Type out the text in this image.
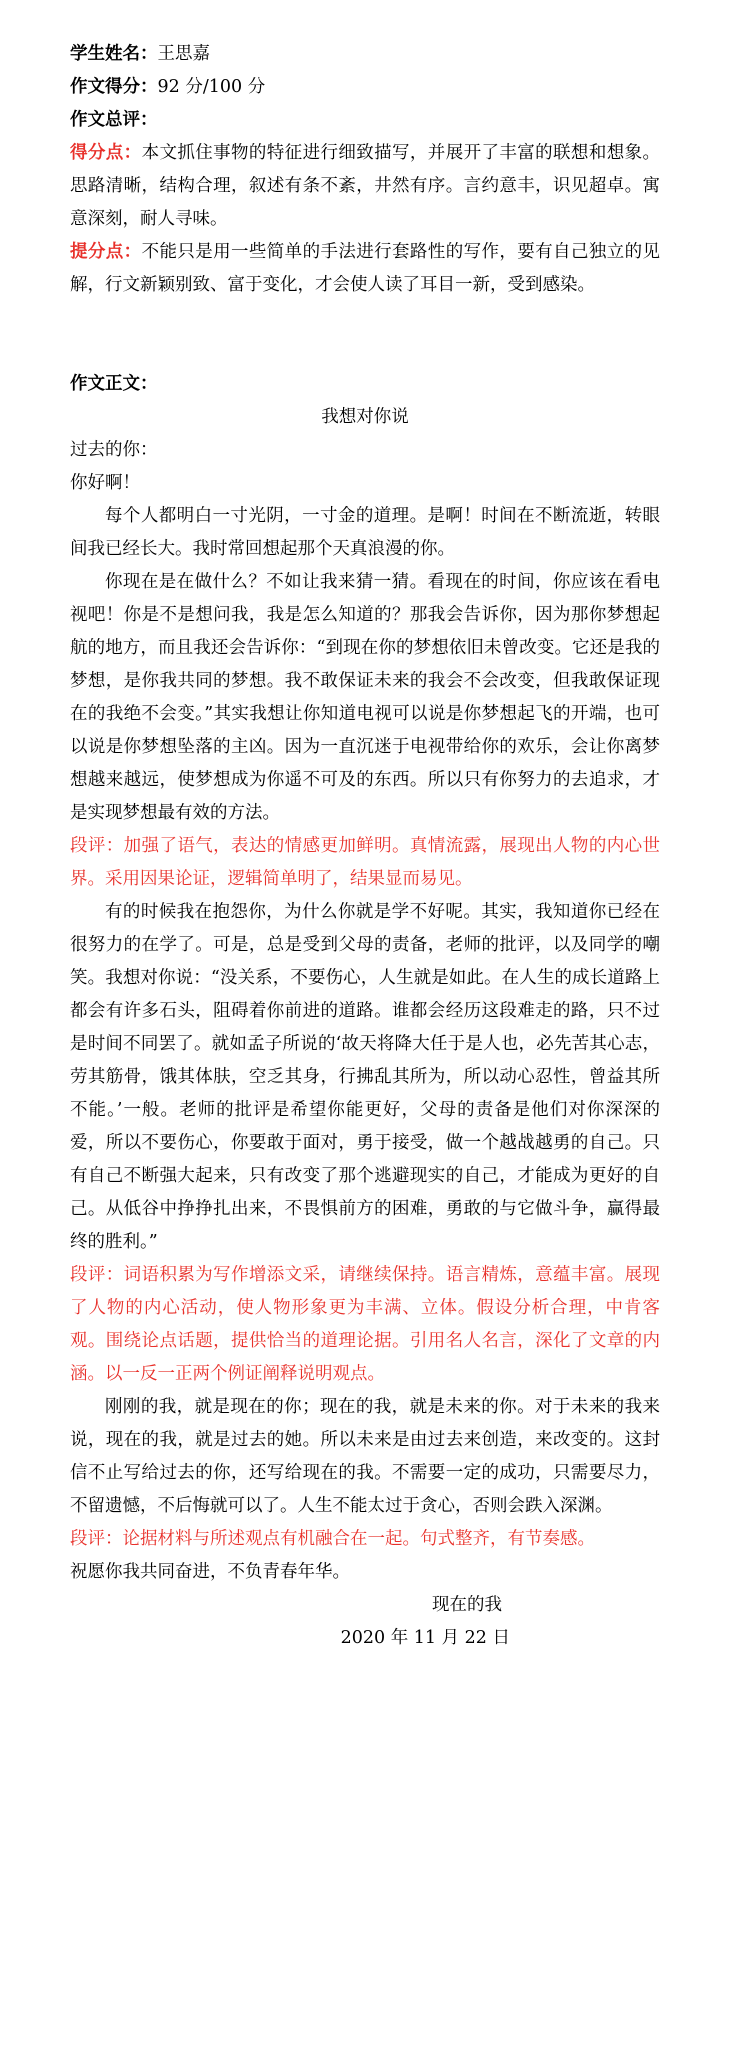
学生姓名：王思嘉

作文得分：92 分/100 分

作文总评：

得分点：本文抓住事物的特征进行细致描写，并展开了丰富的联想和想象。思路清晰，结构合理，叙述有条不紊，井然有序。言约意丰，识见超卓。寓意深刻，耐人寻味。

提分点：不能只是用一些简单的手法进行套路性的写作，要有自己独立的见解，行文新颖别致、富于变化，才会使人读了耳目一新，受到感染。

作文正文：

我想对你说

过去的你：

你好啊！

每个人都明白一寸光阴，一寸金的道理。是啊！时间在不断流逝，转眼间我已经长大。我时常回想起那个天真浪漫的你。

你现在是在做什么？不如让我来猜一猜。看现在的时间，你应该在看电视吧！你是不是想问我，我是怎么知道的？那我会告诉你，因为那你梦想起航的地方，而且我还会告诉你：“到现在你的梦想依旧未曾改变。它还是我的梦想，是你我共同的梦想。我不敢保证未来的我会不会改变，但我敢保证现在的我绝不会变。”其实我想让你知道电视可以说是你梦想起飞的开端，也可以说是你梦想坠落的主凶。因为一直沉迷于电视带给你的欢乐，会让你离梦想越来越远，使梦想成为你遥不可及的东西。所以只有你努力的去追求，才是实现梦想最有效的方法。

段评：加强了语气，表达的情感更加鲜明。真情流露，展现出人物的内心世界。采用因果论证，逻辑简单明了，结果显而易见。

有的时候我在抱怨你，为什么你就是学不好呢。其实，我知道你已经在很努力的在学了。可是，总是受到父母的责备，老师的批评，以及同学的嘲笑。我想对你说：“没关系，不要伤心，人生就是如此。在人生的成长道路上都会有许多石头，阻碍着你前进的道路。谁都会经历这段难走的路，只不过是时间不同罢了。就如孟子所说的‘故天将降大任于是人也，必先苦其心志，劳其筋骨，饿其体肤，空乏其身，行拂乱其所为，所以动心忍性，曾益其所不能。’一般。老师的批评是希望你能更好，父母的责备是他们对你深深的爱，所以不要伤心，你要敢于面对，勇于接受，做一个越战越勇的自己。只有自己不断强大起来，只有改变了那个逃避现实的自己，才能成为更好的自己。从低谷中挣挣扎出来，不畏惧前方的困难，勇敢的与它做斗争，赢得最终的胜利。”

段评：词语积累为写作增添文采，请继续保持。语言精炼，意蕴丰富。展现了人物的内心活动，使人物形象更为丰满、立体。假设分析合理，中肯客观。围绕论点话题，提供恰当的道理论据。引用名人名言，深化了文章的内涵。以一反一正两个例证阐释说明观点。

刚刚的我，就是现在的你；现在的我，就是未来的你。对于未来的我来说，现在的我，就是过去的她。所以未来是由过去来创造，来改变的。这封信不止写给过去的你，还写给现在的我。不需要一定的成功，只需要尽力，不留遗憾，不后悔就可以了。人生不能太过于贪心，否则会跌入深渊。

段评：论据材料与所述观点有机融合在一起。句式整齐，有节奏感。

祝愿你我共同奋进，不负青春年华。

现在的我

2020 年 11 月 22 日
